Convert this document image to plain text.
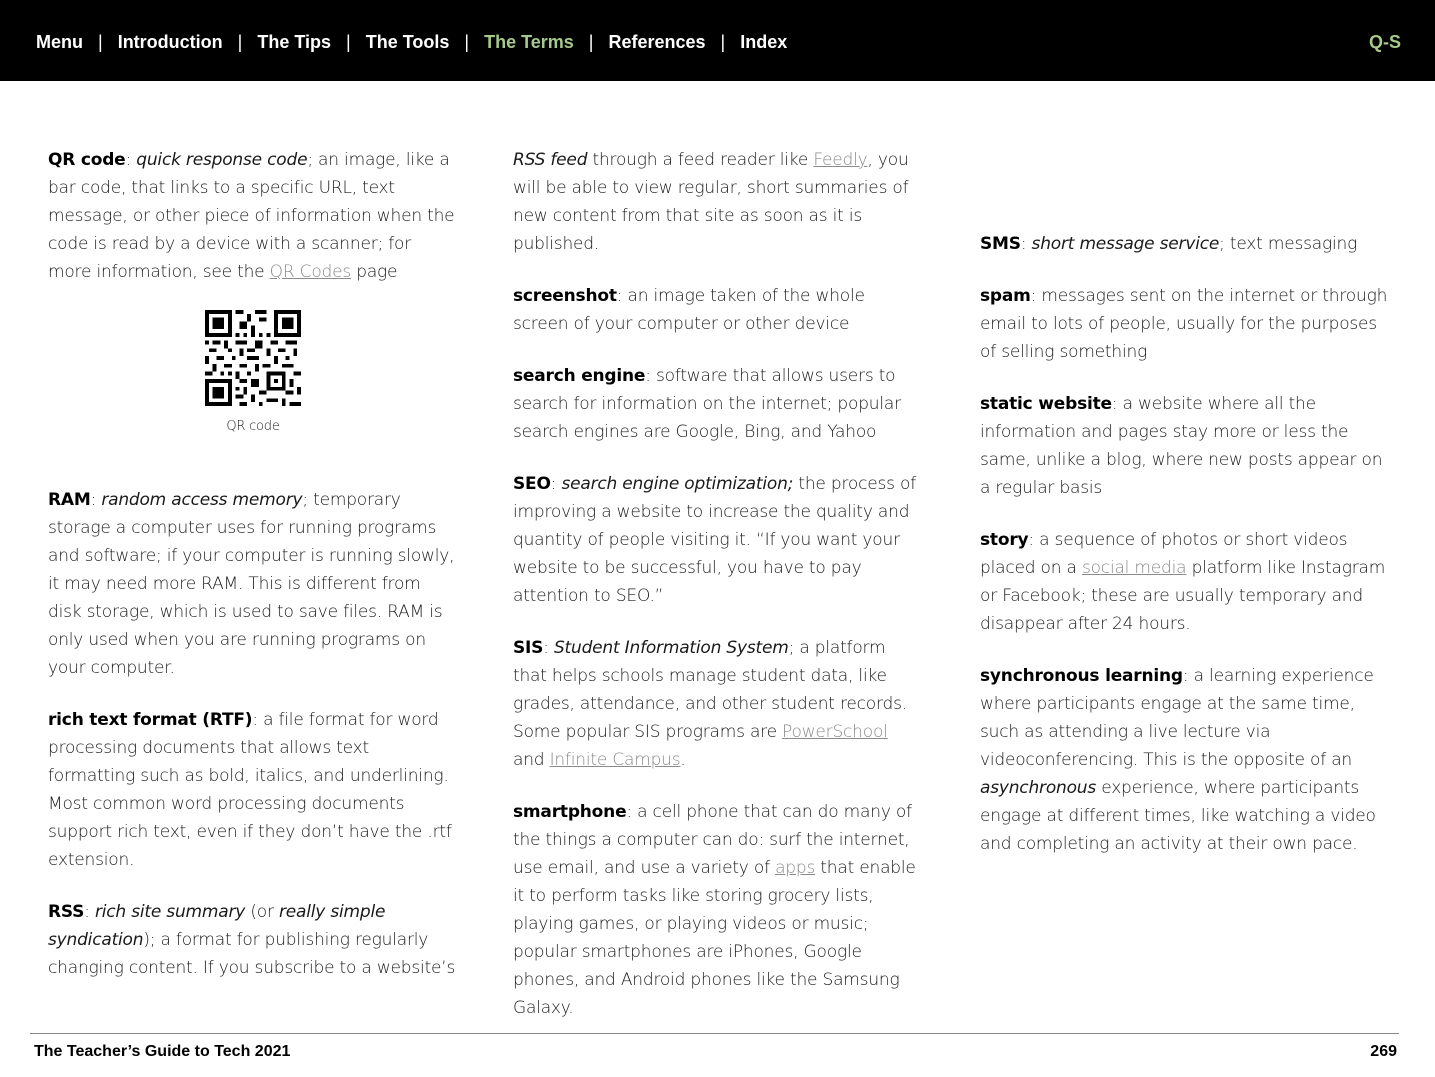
Menu | Introduction | The Tips | The Tools | The Terms | References | Index	Q-S

QR code: quick response code; an image, like a bar code, that links to a specific URL, text message, or other piece of information when the code is read by a device with a scanner; for more information, see the QR Codes page

QR code

RAM: random access memory; temporary storage a computer uses for running programs and software; if your computer is running slowly, it may need more RAM. This is different from disk storage, which is used to save files. RAM is only used when you are running programs on your computer.

rich text format (RTF): a file format for word processing documents that allows text formatting such as bold, italics, and underlining. Most common word processing documents support rich text, even if they don’t have the .rtf extension.

RSS: rich site summary (or really simple syndication); a format for publishing regularly changing content. If you subscribe to a website’s

RSS feed through a feed reader like Feedly, you will be able to view regular, short summaries of new content from that site as soon as it is published.

screenshot: an image taken of the whole screen of your computer or other device

search engine: software that allows users to search for information on the internet; popular search engines are Google, Bing, and Yahoo

SEO: search engine optimization; the process of improving a website to increase the quality and quantity of people visiting it. “If you want your website to be successful, you have to pay attention to SEO.”

SIS: Student Information System; a platform that helps schools manage student data, like grades, attendance, and other student records. Some popular SIS programs are PowerSchool and Infinite Campus.

smartphone: a cell phone that can do many of the things a computer can do: surf the internet, use email, and use a variety of apps that enable it to perform tasks like storing grocery lists, playing games, or playing videos or music; popular smartphones are iPhones, Google phones, and Android phones like the Samsung Galaxy.

SMS: short message service; text messaging

spam: messages sent on the internet or through email to lots of people, usually for the purposes of selling something

static website: a website where all the information and pages stay more or less the same, unlike a blog, where new posts appear on a regular basis

story: a sequence of photos or short videos placed on a social media platform like Instagram or Facebook; these are usually temporary and disappear after 24 hours.

synchronous learning: a learning experience where participants engage at the same time, such as attending a live lecture via videoconferencing. This is the opposite of an asynchronous experience, where participants engage at different times, like watching a video and completing an activity at their own pace.

The Teacher’s Guide to Tech 2021	269
